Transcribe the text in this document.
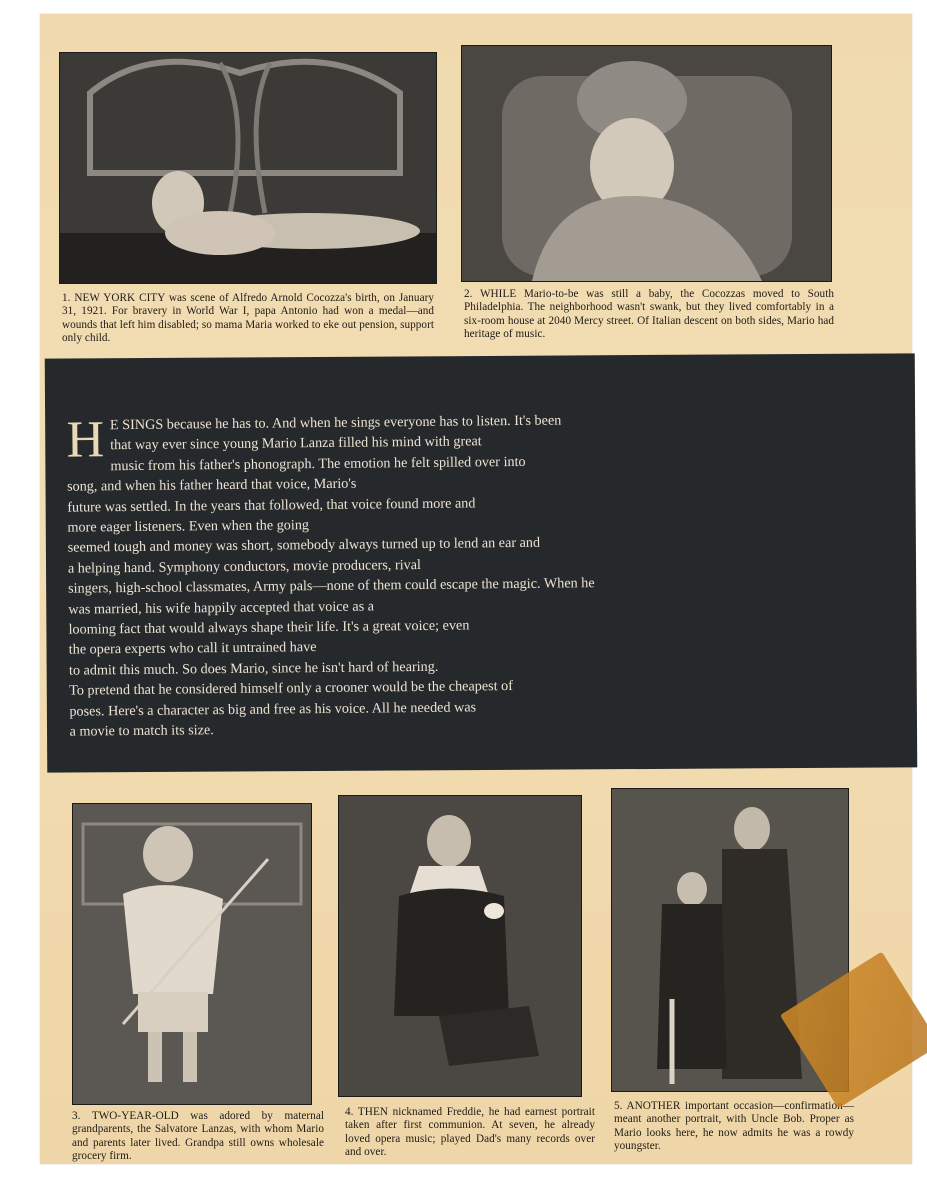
1. NEW YORK CITY was scene of Alfredo Arnold Cocozza's birth, on January 31, 1921. For bravery in World War I, papa Antonio had won a medal—and wounds that left him disabled; so mama Maria worked to eke out pension, support only child.
2. WHILE Mario-to-be was still a baby, the Cocozzas moved to South Philadelphia. The neighborhood wasn't swank, but they lived comfortably in a six-room house at 2040 Mercy street. Of Italian descent on both sides, Mario had heritage of music.
H E SINGS because he has to. And when he sings everyone has to listen. It's been
that way ever since young Mario Lanza filled his mind with great
music from his father's phonograph. The emotion he felt spilled over into
song, and when his father heard that voice, Mario's
future was settled. In the years that followed, that voice found more and
more eager listeners. Even when the going
seemed tough and money was short, somebody always turned up to lend an ear and
a helping hand. Symphony conductors, movie producers, rival
singers, high-school classmates, Army pals—none of them could escape the magic. When he
was married, his wife happily accepted that voice as a
looming fact that would always shape their life. It's a great voice; even
the opera experts who call it untrained have
to admit this much. So does Mario, since he isn't hard of hearing.
To pretend that he considered himself only a crooner would be the cheapest of
poses. Here's a character as big and free as his voice. All he needed was
a movie to match its size.
3. TWO-YEAR-OLD was adored by maternal grandparents, the Salvatore Lanzas, with whom Mario and parents later lived. Grandpa still owns wholesale grocery firm.
4. THEN nicknamed Freddie, he had earnest portrait taken after first communion. At seven, he already loved opera music; played Dad's many records over and over.
5. ANOTHER important occasion—confirmation—meant another portrait, with Uncle Bob. Proper as Mario looks here, he now admits he was a rowdy youngster.
